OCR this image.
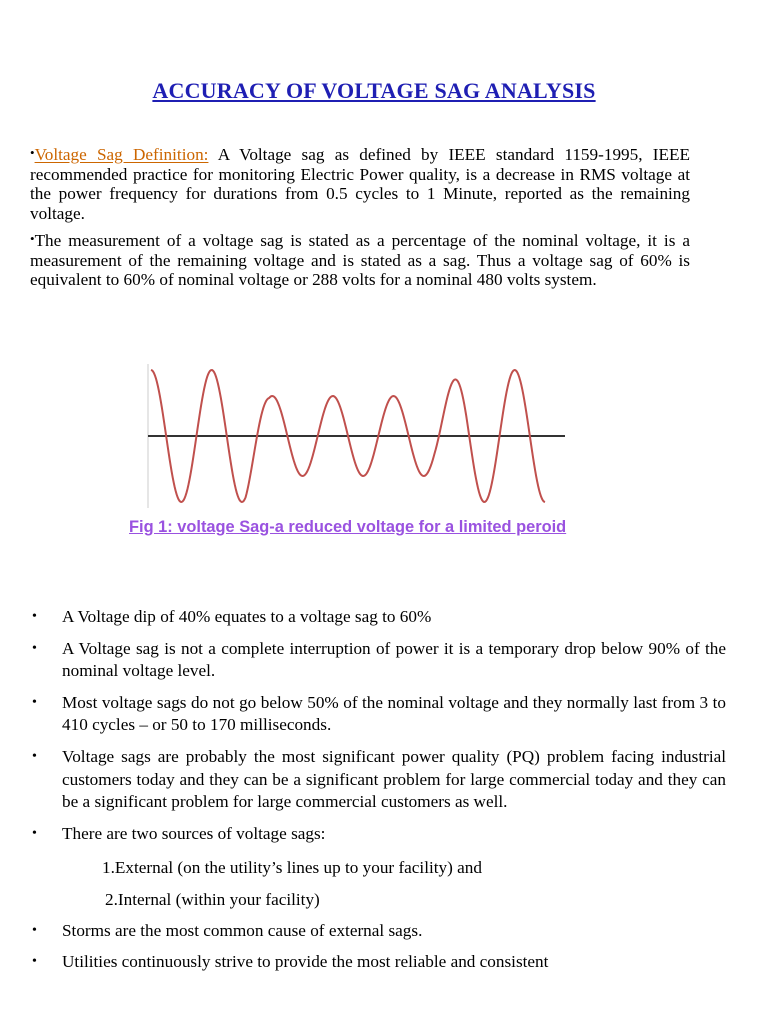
ACCURACY OF VOLTAGE SAG ANALYSIS
•Voltage Sag Definition: A Voltage sag as defined by IEEE standard 1159-1995, IEEE recommended practice for monitoring Electric Power quality, is a decrease in RMS voltage at the power frequency for durations from 0.5 cycles to 1 Minute, reported as the remaining voltage.
•The measurement of a voltage sag is stated as a percentage of the nominal voltage, it is a measurement of the remaining voltage and is stated as a sag. Thus a voltage sag of 60% is equivalent to 60% of nominal voltage or 288 volts for a nominal 480 volts system.
Fig 1: voltage Sag-a reduced voltage for a limited peroid
• A Voltage dip of 40% equates to a voltage sag to 60%
• A Voltage sag is not a complete interruption of power it is a temporary drop below 90% of the nominal voltage level.
• Most voltage sags do not go below 50% of the nominal voltage and they normally last from 3 to 410 cycles – or 50 to 170 milliseconds.
• Voltage sags are probably the most significant power quality (PQ) problem facing industrial customers today and they can be a significant problem for large commercial today and they can be a significant problem for large commercial customers as well.
• There are two sources of voltage sags:
1.External (on the utility’s lines up to your facility) and
2.Internal (within your facility)
• Storms are the most common cause of external sags.
• Utilities continuously strive to provide the most reliable and consistent
